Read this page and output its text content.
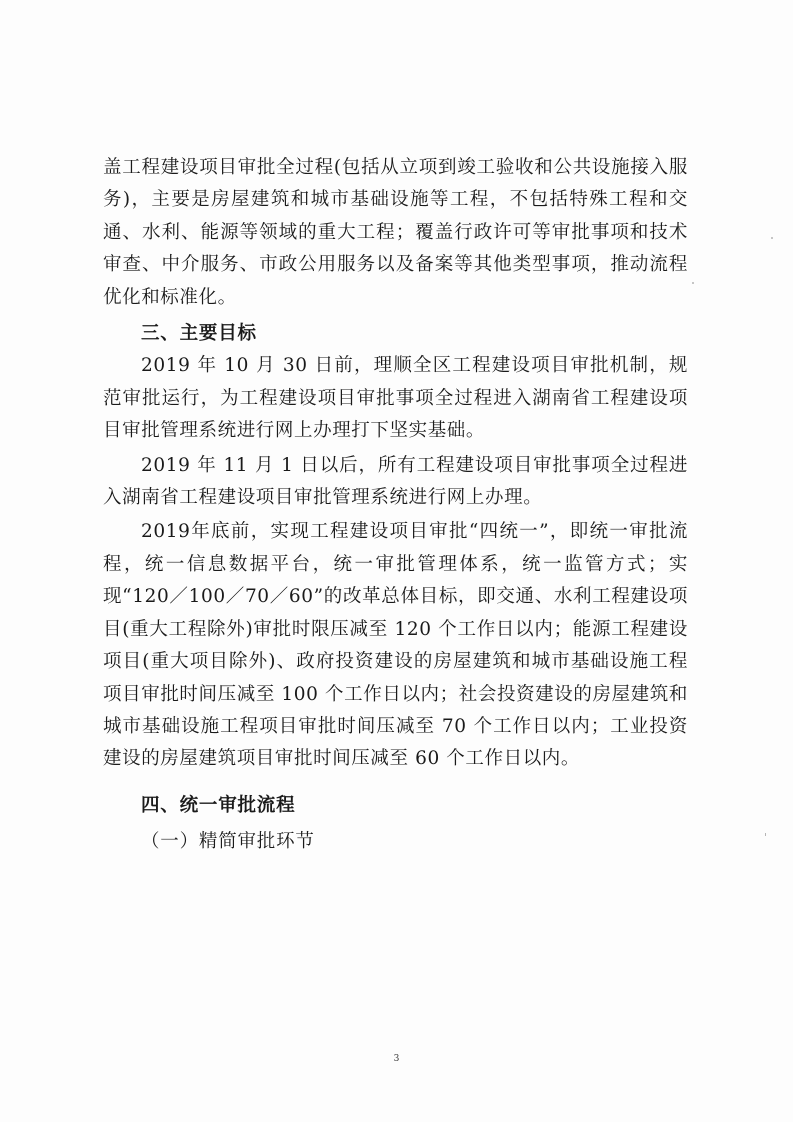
盖工程建设项目审批全过程(包括从立项到竣工验收和公共设施接入服务)，主要是房屋建筑和城市基础设施等工程，不包括特殊工程和交通、水利、能源等领域的重大工程；覆盖行政许可等审批事项和技术审查、中介服务、市政公用服务以及备案等其他类型事项，推动流程优化和标准化。

三、主要目标

2019 年 10 月 30 日前，理顺全区工程建设项目审批机制，规范审批运行，为工程建设项目审批事项全过程进入湖南省工程建设项目审批管理系统进行网上办理打下坚实基础。

2019 年 11 月 1 日以后，所有工程建设项目审批事项全过程进入湖南省工程建设项目审批管理系统进行网上办理。

2019年底前，实现工程建设项目审批“四统一”，即统一审批流程，统一信息数据平台，统一审批管理体系，统一监管方式；实现“120／100／70／60”的改革总体目标，即交通、水利工程建设项目(重大工程除外)审批时限压减至 120 个工作日以内；能源工程建设项目(重大项目除外)、政府投资建设的房屋建筑和城市基础设施工程项目审批时间压减至 100 个工作日以内；社会投资建设的房屋建筑和城市基础设施工程项目审批时间压减至 70 个工作日以内；工业投资建设的房屋建筑项目审批时间压减至 60 个工作日以内。

四、统一审批流程

（一）精简审批环节

3
